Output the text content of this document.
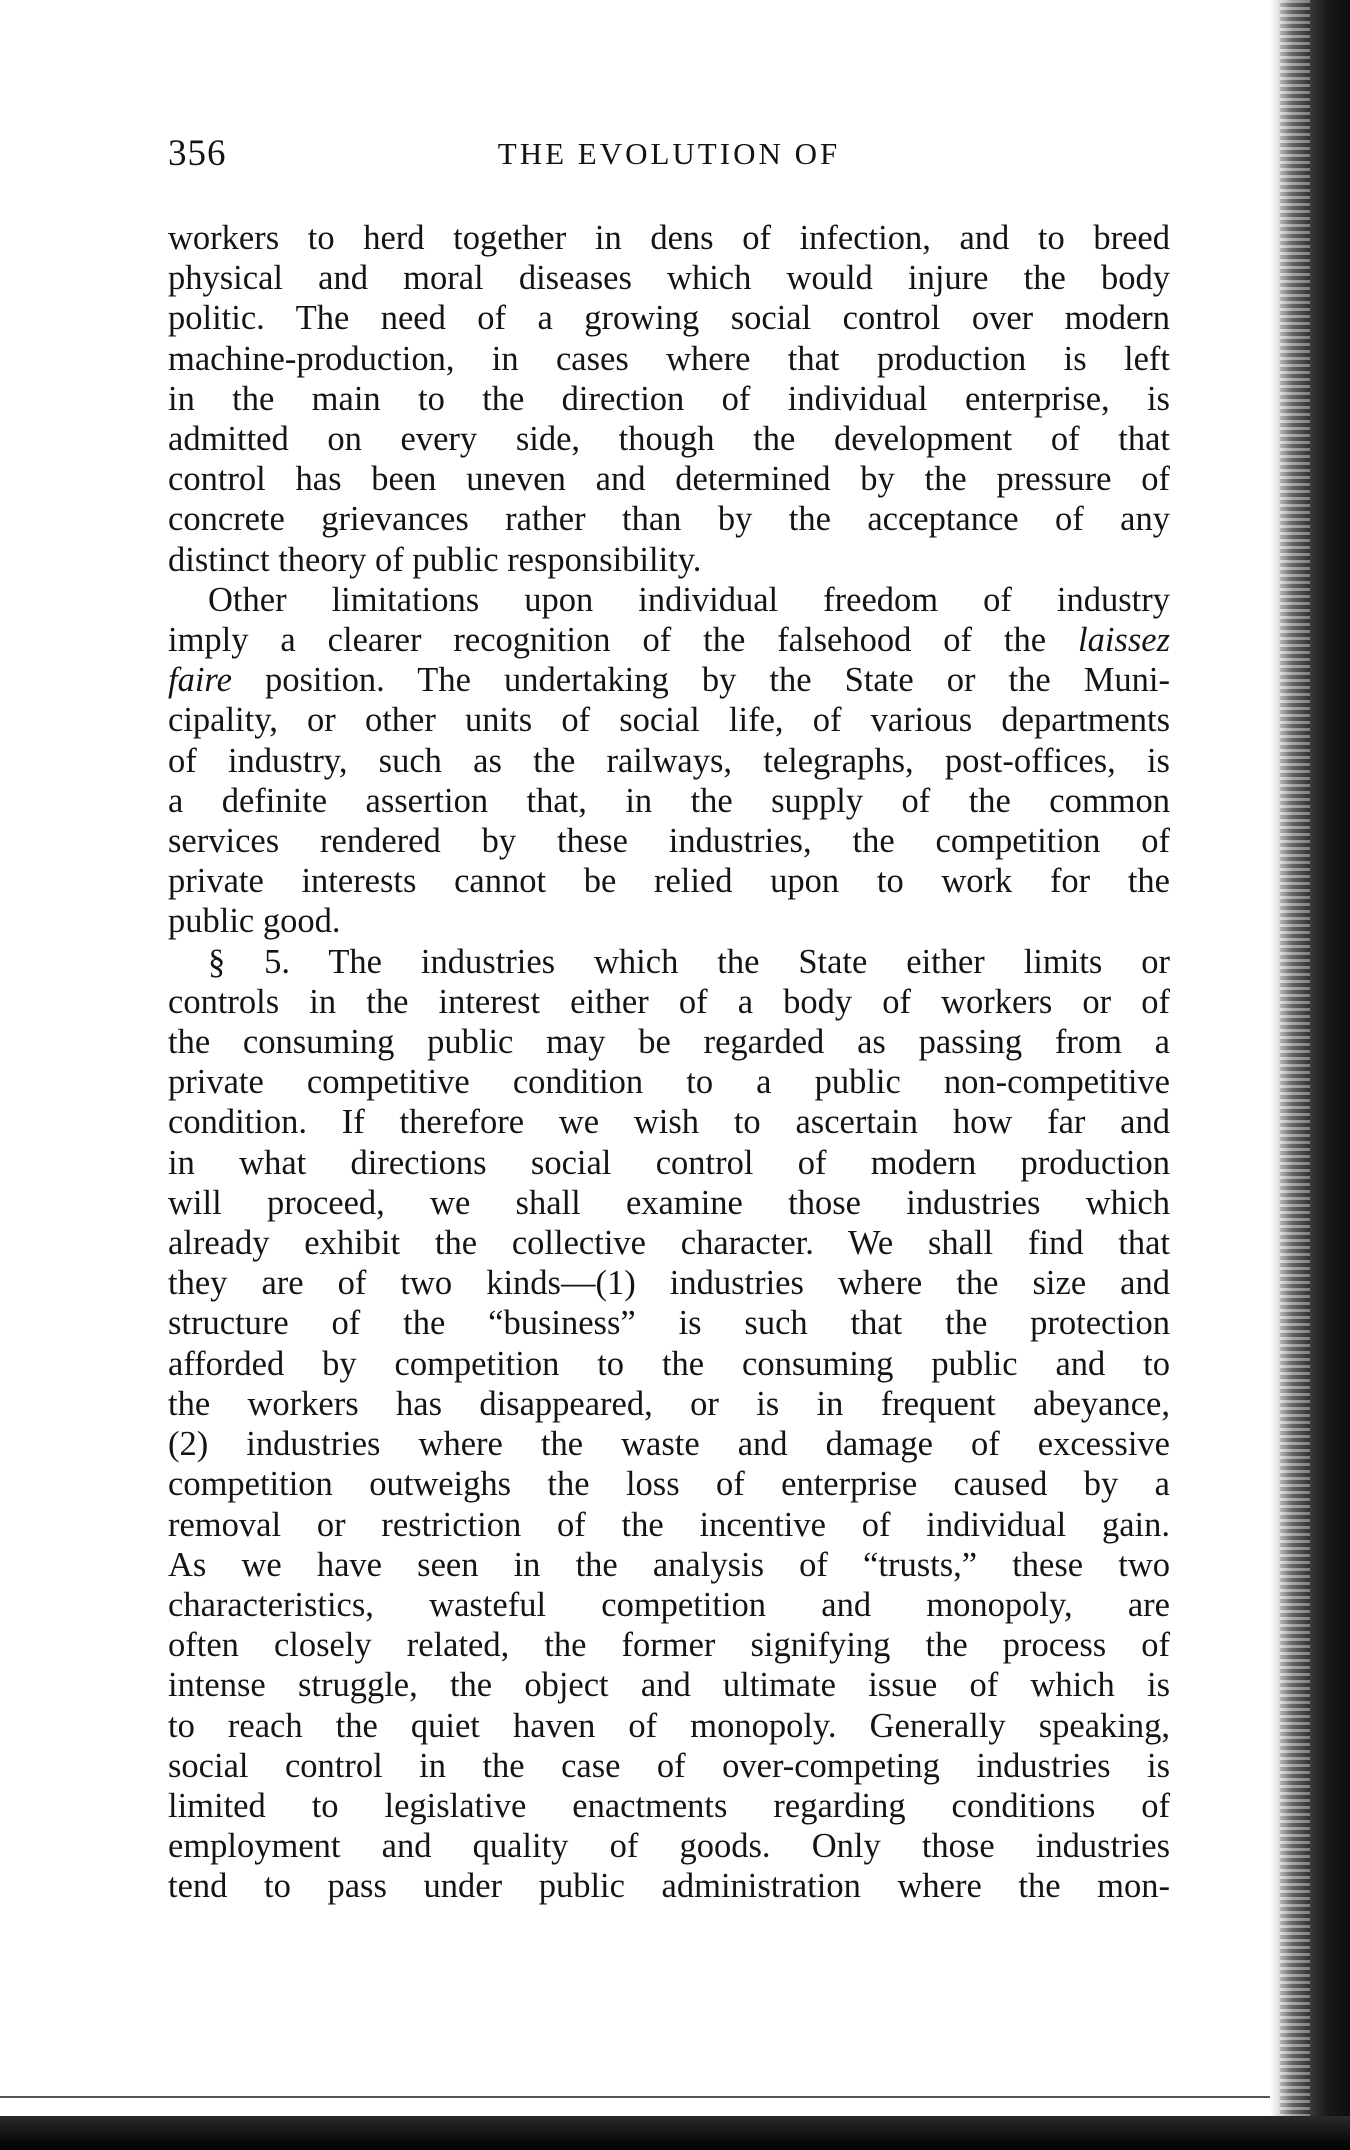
356	THE EVOLUTION OF
workers to herd together in dens of infection, and to breed
physical and moral diseases which would injure the body
politic. The need of a growing social control over modern
machine-production, in cases where that production is left
in the main to the direction of individual enterprise, is
admitted on every side, though the development of that
control has been uneven and determined by the pressure of
concrete grievances rather than by the acceptance of any
distinct theory of public responsibility.
Other limitations upon individual freedom of industry
imply a clearer recognition of the falsehood of the laissez
faire position. The undertaking by the State or the Muni-
cipality, or other units of social life, of various departments
of industry, such as the railways, telegraphs, post-offices, is
a definite assertion that, in the supply of the common
services rendered by these industries, the competition of
private interests cannot be relied upon to work for the
public good.
§ 5. The industries which the State either limits or
controls in the interest either of a body of workers or of
the consuming public may be regarded as passing from a
private competitive condition to a public non-competitive
condition. If therefore we wish to ascertain how far and
in what directions social control of modern production
will proceed, we shall examine those industries which
already exhibit the collective character. We shall find that
they are of two kinds—(1) industries where the size and
structure of the “business” is such that the protection
afforded by competition to the consuming public and to
the workers has disappeared, or is in frequent abeyance,
(2) industries where the waste and damage of excessive
competition outweighs the loss of enterprise caused by a
removal or restriction of the incentive of individual gain.
As we have seen in the analysis of “trusts,” these two
characteristics, wasteful competition and monopoly, are
often closely related, the former signifying the process of
intense struggle, the object and ultimate issue of which is
to reach the quiet haven of monopoly. Generally speaking,
social control in the case of over-competing industries is
limited to legislative enactments regarding conditions of
employment and quality of goods. Only those industries
tend to pass under public administration where the mon-
